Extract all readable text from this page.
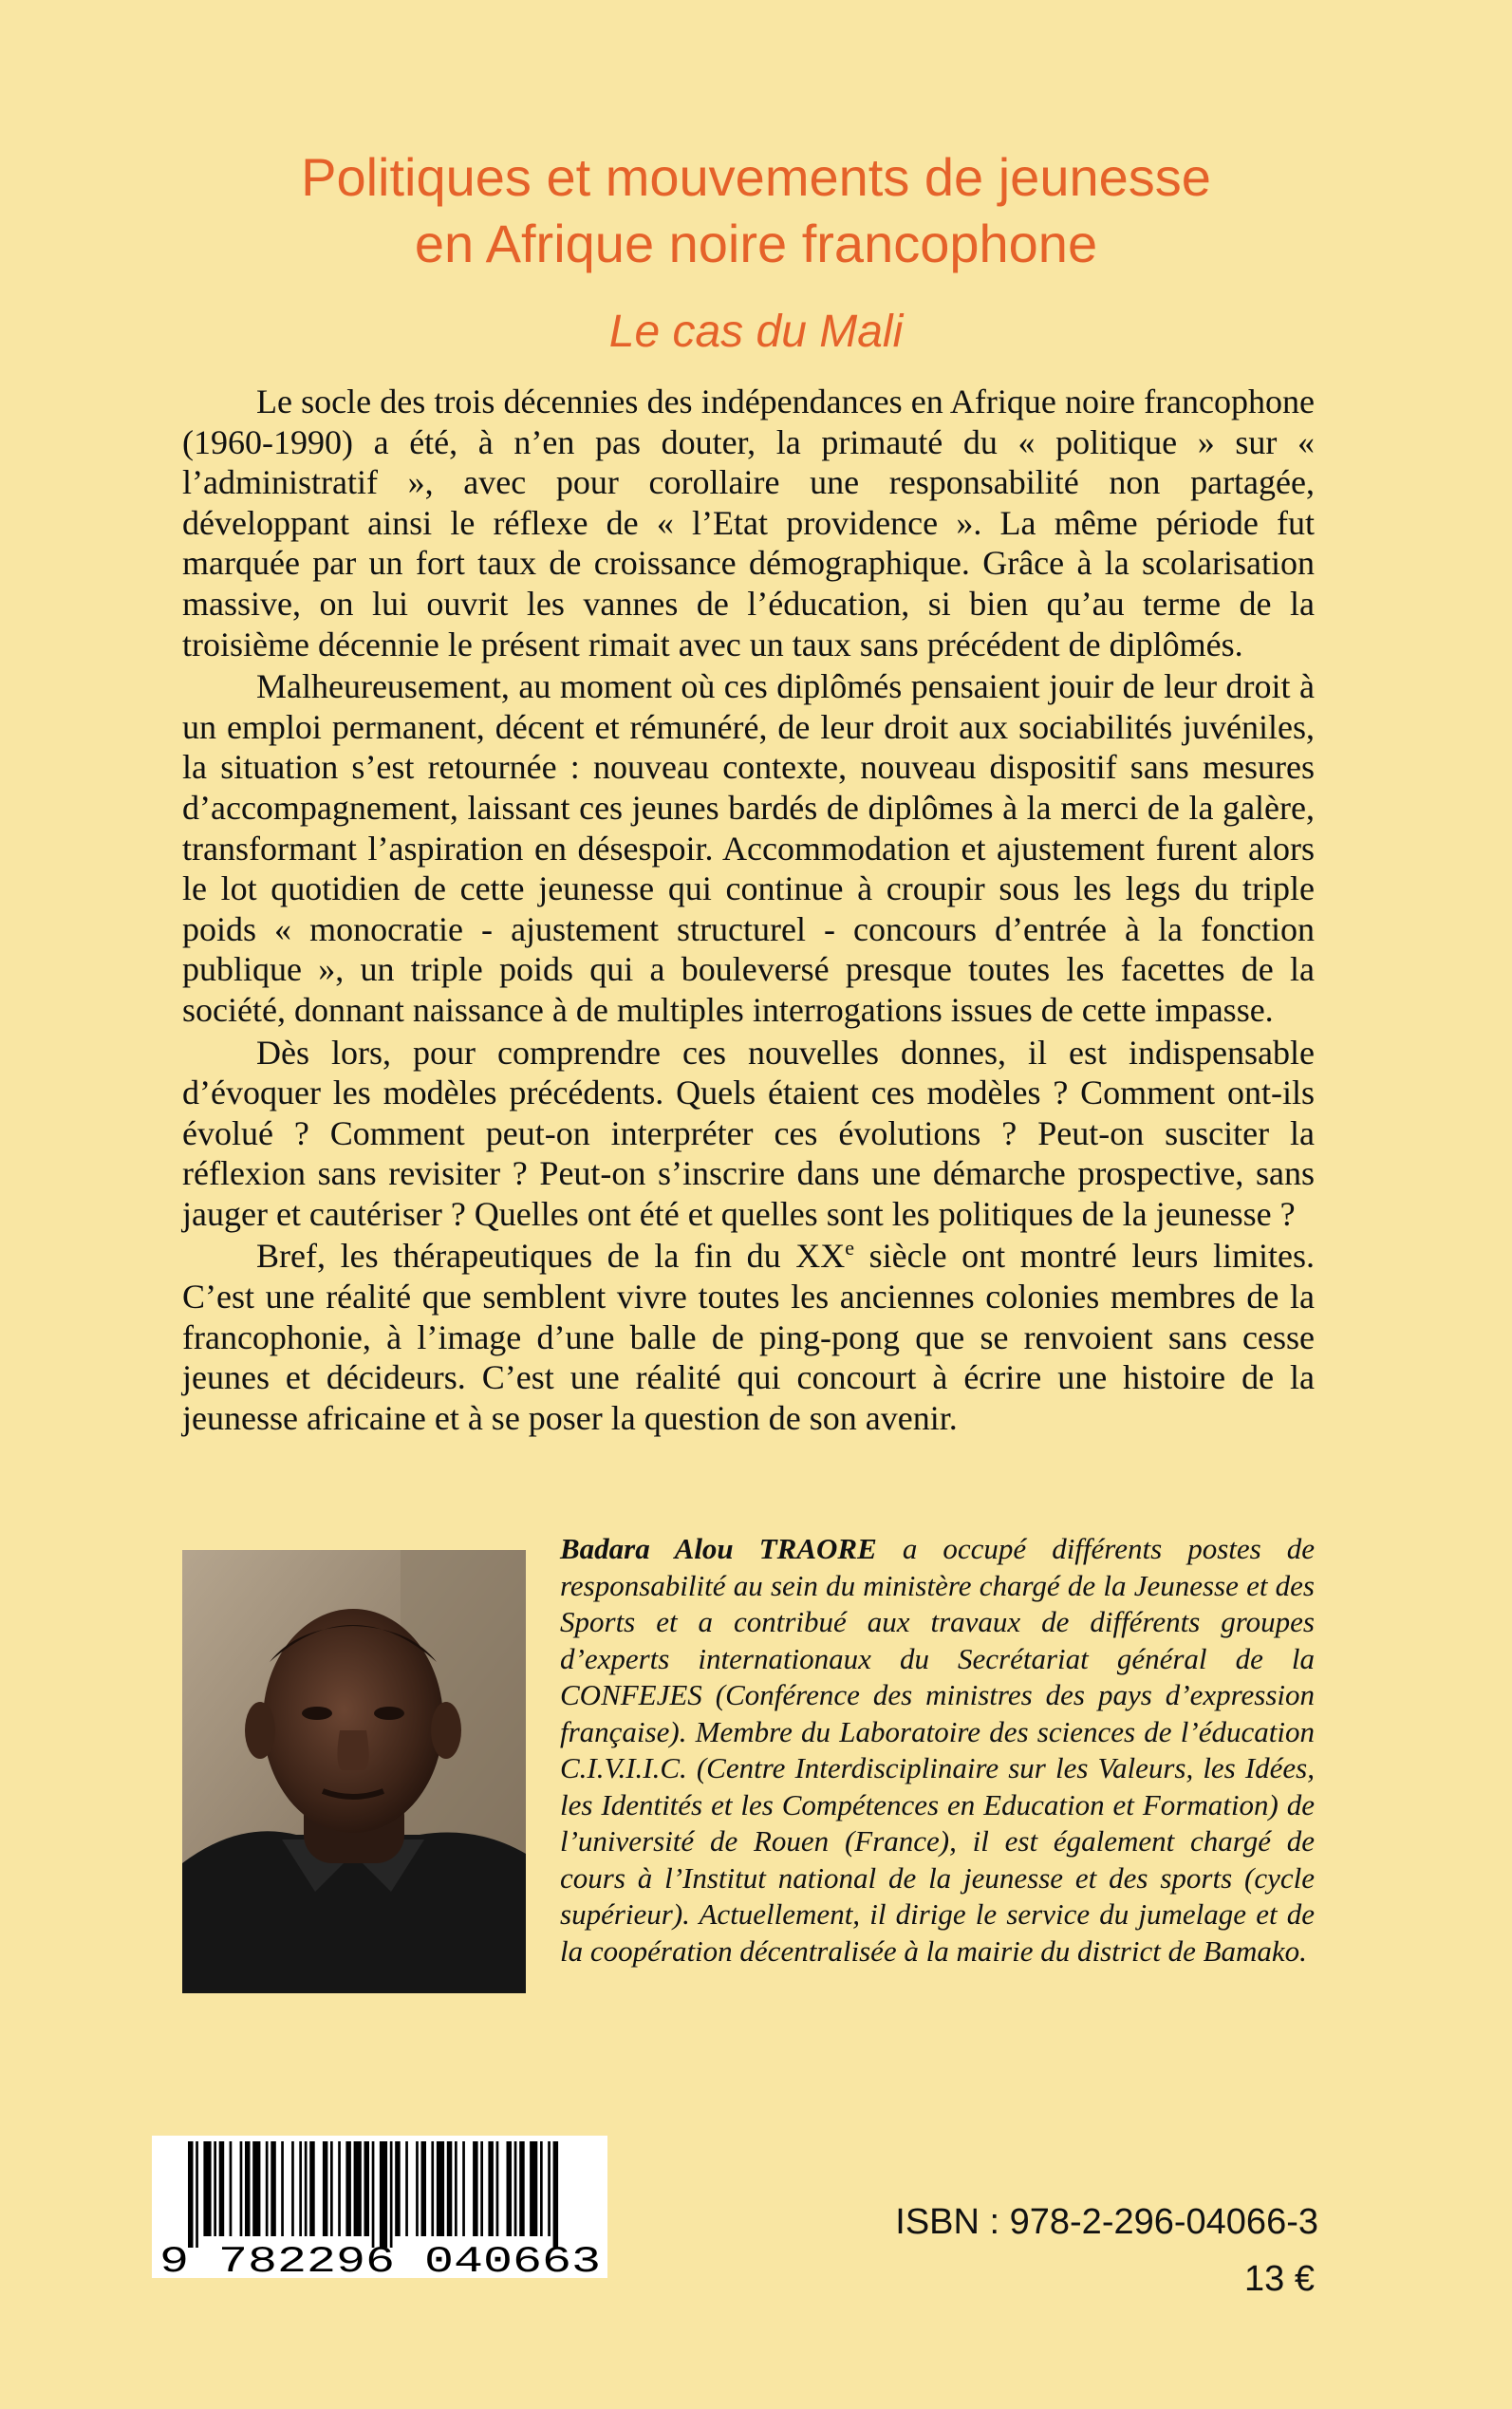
Politiques et mouvements de jeunesse
en Afrique noire francophone

Le cas du Mali

Le socle des trois décennies des indépendances en Afrique noire francophone (1960-1990) a été, à n’en pas douter, la primauté du « politique » sur « l’administratif », avec pour corollaire une responsabilité non partagée, développant ainsi le réflexe de « l’Etat providence ». La même période fut marquée par un fort taux de croissance démographique. Grâce à la scolarisation massive, on lui ouvrit les vannes de l’éducation, si bien qu’au terme de la troisième décennie le présent rimait avec un taux sans précédent de diplômés.

Malheureusement, au moment où ces diplômés pensaient jouir de leur droit à un emploi permanent, décent et rémunéré, de leur droit aux sociabilités juvéniles, la situation s’est retournée : nouveau contexte, nouveau dispositif sans mesures d’accompagnement, laissant ces jeunes bardés de diplômes à la merci de la galère, transformant l’aspiration en désespoir. Accommodation et ajustement furent alors le lot quotidien de cette jeunesse qui continue à croupir sous les legs du triple poids « monocratie - ajustement structurel - concours d’entrée à la fonction publique », un triple poids qui a bouleversé presque toutes les facettes de la société, donnant naissance à de multiples interrogations issues de cette impasse.

Dès lors, pour comprendre ces nouvelles donnes, il est indispensable d’évoquer les modèles précédents. Quels étaient ces modèles ? Comment ont-ils évolué ? Comment peut-on interpréter ces évolutions ? Peut-on susciter la réflexion sans revisiter ? Peut-on s’inscrire dans une démarche prospective, sans jauger et cautériser ? Quelles ont été et quelles sont les politiques de la jeunesse ?

Bref, les thérapeutiques de la fin du XXe siècle ont montré leurs limites. C’est une réalité que semblent vivre toutes les anciennes colonies membres de la francophonie, à l’image d’une balle de ping-pong que se renvoient sans cesse jeunes et décideurs. C’est une réalité qui concourt à écrire une histoire de la jeunesse africaine et à se poser la question de son avenir.

Badara Alou TRAORE a occupé différents postes de responsabilité au sein du ministère chargé de la Jeunesse et des Sports et a contribué aux travaux de différents groupes d’experts internationaux du Secrétariat général de la CONFEJES (Conférence des ministres des pays d’expression française). Membre du Laboratoire des sciences de l’éducation C.I.V.I.I.C. (Centre Interdisciplinaire sur les Valeurs, les Idées, les Identités et les Compétences en Education et Formation) de l’université de Rouen (France), il est également chargé de cours à l’Institut national de la jeunesse et des sports (cycle supérieur). Actuellement, il dirige le service du jumelage et de la coopération décentralisée à la mairie du district de Bamako.

9 782296 040663

ISBN : 978-2-296-04066-3

13 €
